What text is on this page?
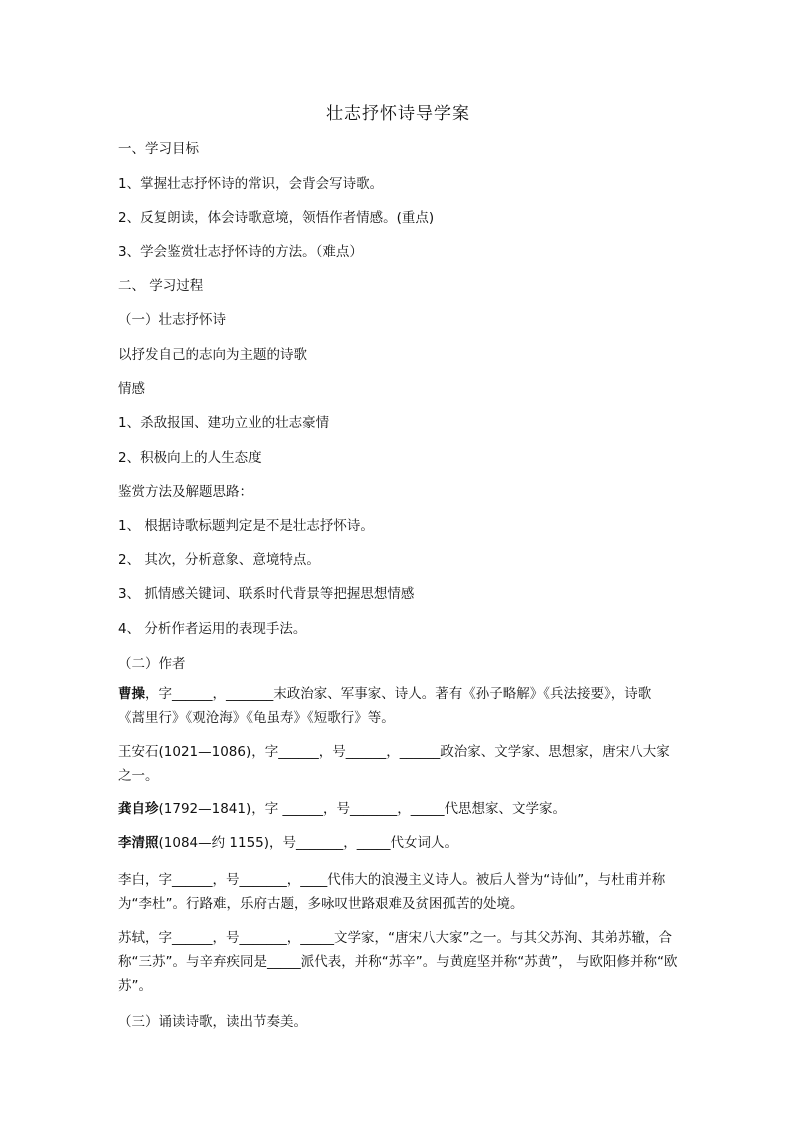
壮志抒怀诗导学案
一、学习目标
1、掌握壮志抒怀诗的常识，会背会写诗歌。
2、反复朗读，体会诗歌意境，领悟作者情感。(重点)
3、学会鉴赏壮志抒怀诗的方法。（难点）
二、 学习过程
（一）壮志抒怀诗
以抒发自己的志向为主题的诗歌
情感
1、杀敌报国、建功立业的壮志豪情
2、积极向上的人生态度
鉴赏方法及解题思路：
1、 根据诗歌标题判定是不是壮志抒怀诗。
2、 其次，分析意象、意境特点。
3、 抓情感关键词、联系时代背景等把握思想情感
4、 分析作者运用的表现手法。
（二）作者
曹操，字______，_______末政治家、军事家、诗人。著有《孙子略解》《兵法接要》，诗歌《蒿里行》《观沧海》《龟虽寿》《短歌行》等。
王安石(1021—1086)，字______，号______，______政治家、文学家、思想家，唐宋八大家之一。
龚自珍(1792—1841)，字 ______，号_______，_____代思想家、文学家。
李清照(1084—约 1155)，号_______，_____代女词人。
李白，字______，号_______，____代伟大的浪漫主义诗人。被后人誉为“诗仙”，与杜甫并称为“李杜”。行路难，乐府古题，多咏叹世路艰难及贫困孤苦的处境。
苏轼，字______，号_______，_____文学家，“唐宋八大家”之一。与其父苏洵、其弟苏辙，合称“三苏”。与辛弃疾同是_____派代表，并称“苏辛”。与黄庭坚并称“苏黄”， 与欧阳修并称“欧苏”。
（三）诵读诗歌，读出节奏美。
